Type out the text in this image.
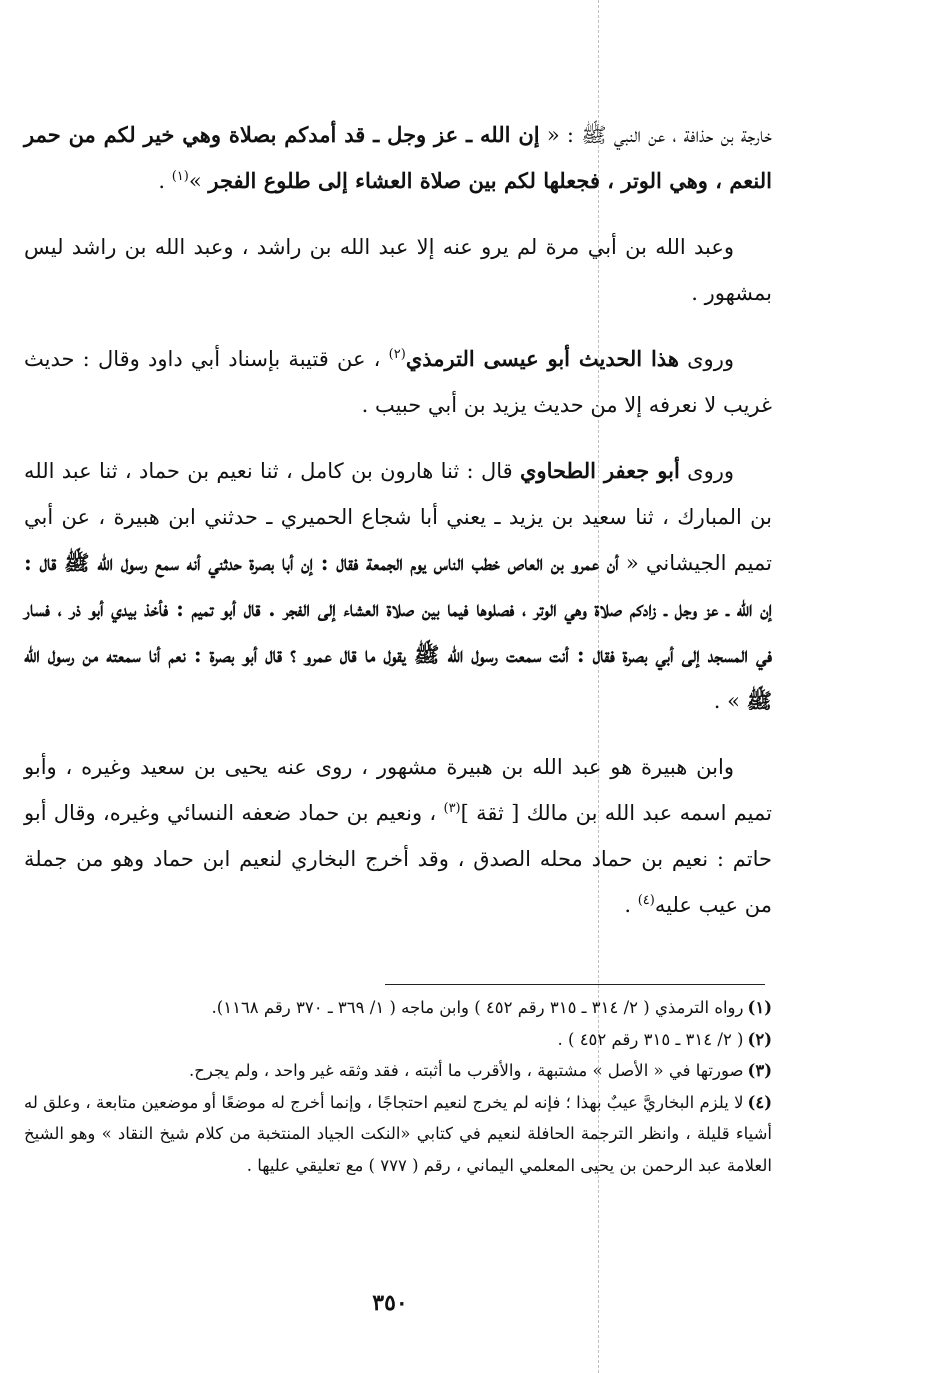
خارجة بن حذافة ، عن النبي ﷺ : « إن الله ـ عز وجل ـ قد أمدكم بصلاة وهي خير لكم من حمر النعم ، وهي الوتر ، فجعلها لكم بين صلاة العشاء إلى طلوع الفجر »$^{(١)}$ .

وعبد الله بن أبي مرة لم يرو عنه إلا عبد الله بن راشد ، وعبد الله بن راشد ليس بمشهور .

وروى هذا الحديث أبو عيسى الترمذي$^{(٢)}$ ، عن قتيبة بإسناد أبي داود وقال : حديث غريب لا نعرفه إلا من حديث يزيد بن أبي حبيب .

وروى أبو جعفر الطحاوي قال : ثنا هارون بن كامل ، ثنا نعيم بن حماد ، ثنا عبد الله بن المبارك ، ثنا سعيد بن يزيد ـ يعني أبا شجاع الحميري ـ حدثني ابن هبيرة ، عن أبي تميم الجيشاني « أن عمرو بن العاص خطب الناس يوم الجمعة فقال : إن أبا بصرة حدثني أنه سمع رسول الله ﷺ قال : إن الله ـ عز وجل ـ زادكم صلاة وهي الوتر ، فصلوها فيما بين صلاة العشاء إلى الفجر . قال أبو تميم : فأخذ بيدي أبو ذر ، فسار في المسجد إلى أبي بصرة فقال : أنت سمعت رسول الله ﷺ يقول ما قال عمرو ؟ قال أبو بصرة : نعم أنا سمعته من رسول الله ﷺ » .

وابن هبيرة هو عبد الله بن هبيرة مشهور ، روى عنه يحيى بن سعيد وغيره ، وأبو تميم اسمه عبد الله بن مالك [ ثقة ]$^{(٣)}$ ، ونعيم بن حماد ضعفه النسائي وغيره، وقال أبو حاتم : نعيم بن حماد محله الصدق ، وقد أخرج البخاري لنعيم ابن حماد وهو من جملة من عيب عليه$^{(٤)}$ .

(١)رواه الترمذي ( ٢/ ٣١٤ ـ ٣١٥ رقم ٤٥٢ ) وابن ماجه ( ١/ ٣٦٩ ـ ٣٧٠ رقم ١١٦٨).

(٢)( ٢/ ٣١٤ ـ ٣١٥ رقم ٤٥٢ ) .

(٣)صورتها في « الأصل » مشتبهة ، والأقرب ما أثبته ، فقد وثقه غير واحد ، ولم يجرح.

(٤)لا يلزم البخاريَّ عيبٌ بهذا ؛ فإنه لم يخرج لنعيم احتجاجًا ، وإنما أخرج له موضعًا أو موضعين متابعة ، وعلق له أشياء قليلة ، وانظر الترجمة الحافلة لنعيم في كتابي «النكت الجياد المنتخبة من كلام شيخ النقاد » وهو الشيخ العلامة عبد الرحمن بن يحيى المعلمي اليماني ، رقم ( ٧٧٧ ) مع تعليقي عليها .

٣٥٠
